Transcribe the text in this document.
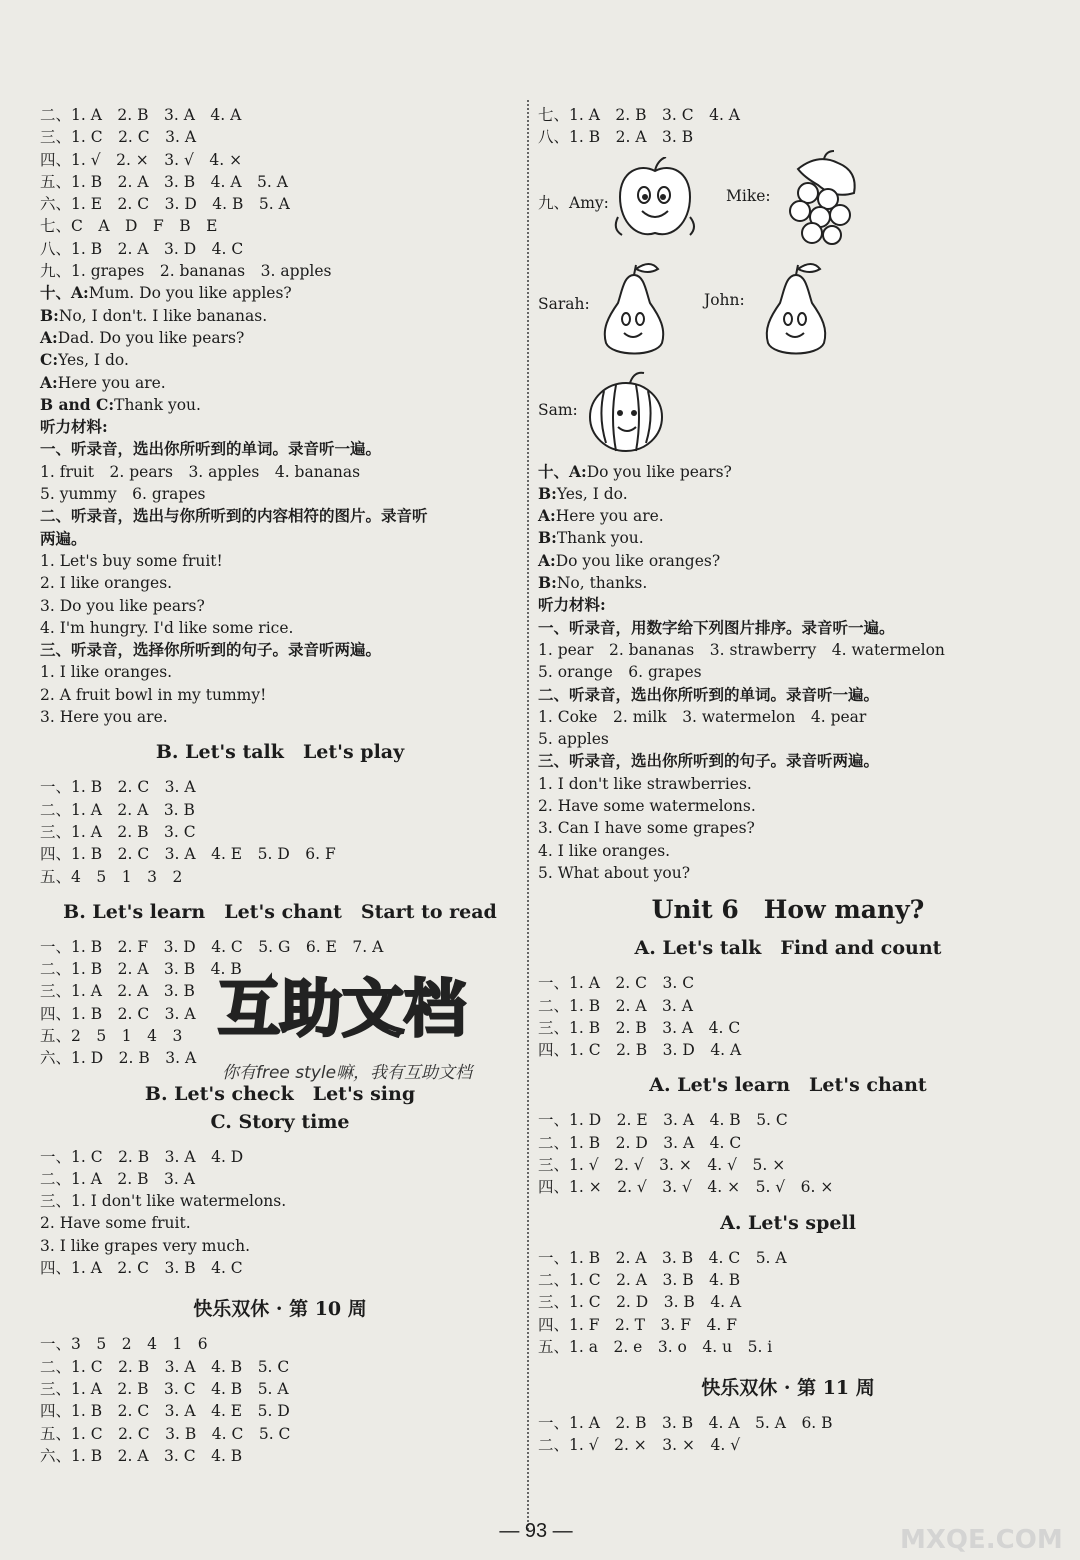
二、1. A　2. B　3. A　4. A
三、1. C　2. C　3. A
四、1. √　2. ×　3. √　4. ×
五、1. B　2. A　3. B　4. A　5. A
六、1. E　2. C　3. D　4. B　5. A
七、C　A　D　F　B　E
八、1. B　2. A　3. D　4. C
九、1. grapes　2. bananas　3. apples
十、A:Mum. Do you like apples?
B:No, I don't. I like bananas.
A:Dad. Do you like pears?
C:Yes, I do.
A:Here you are.
B and C:Thank you.
听力材料:
一、听录音，选出你所听到的单词。录音听一遍。
1. fruit　2. pears　3. apples　4. bananas
5. yummy　6. grapes
二、听录音，选出与你所听到的内容相符的图片。录音听
两遍。
1. Let's buy some fruit!
2. I like oranges.
3. Do you like pears?
4. I'm hungry. I'd like some rice.
三、听录音，选择你所听到的句子。录音听两遍。
1. I like oranges.
2. A fruit bowl in my tummy!
3. Here you are.
B. Let's talk　Let's play
一、1. B　2. C　3. A
二、1. A　2. A　3. B
三、1. A　2. B　3. C
四、1. B　2. C　3. A　4. E　5. D　6. F
五、4　5　1　3　2
B. Let's learn　Let's chant　Start to read
一、1. B　2. F　3. D　4. C　5. G　6. E　7. A
二、1. B　2. A　3. B　4. B
三、1. A　2. A　3. B
四、1. B　2. C　3. A
五、2　5　1　4　3
六、1. D　2. B　3. A
B. Let's check　Let's sing
C. Story time
一、1. C　2. B　3. A　4. D
二、1. A　2. B　3. A
三、1. I don't like watermelons.
2. Have some fruit.
3. I like grapes very much.
四、1. A　2. C　3. B　4. C
快乐双休 · 第 10 周
一、3　5　2　4　1　6
二、1. C　2. B　3. A　4. B　5. C
三、1. A　2. B　3. C　4. B　5. A
四、1. B　2. C　3. A　4. E　5. D
五、1. C　2. C　3. B　4. C　5. C
六、1. B　2. A　3. C　4. B
七、1. A　2. B　3. C　4. A
八、1. B　2. A　3. B
九、Amy:	Mike:
Sarah:	John:
Sam:
十、A:Do you like pears?
B:Yes, I do.
A:Here you are.
B:Thank you.
A:Do you like oranges?
B:No, thanks.
听力材料:
一、听录音，用数字给下列图片排序。录音听一遍。
1. pear　2. bananas　3. strawberry　4. watermelon
5. orange　6. grapes
二、听录音，选出你所听到的单词。录音听一遍。
1. Coke　2. milk　3. watermelon　4. pear
5. apples
三、听录音，选出你所听到的句子。录音听两遍。
1. I don't like strawberries.
2. Have some watermelons.
3. Can I have some grapes?
4. I like oranges.
5. What about you?
Unit 6　How many?
A. Let's talk　Find and count
一、1. A　2. C　3. C
二、1. B　2. A　3. A
三、1. B　2. B　3. A　4. C
四、1. C　2. B　3. D　4. A
A. Let's learn　Let's chant
一、1. D　2. E　3. A　4. B　5. C
二、1. B　2. D　3. A　4. C
三、1. √　2. √　3. ×　4. √　5. ×
四、1. ×　2. √　3. √　4. ×　5. √　6. ×
A. Let's spell
一、1. B　2. A　3. B　4. C　5. A
二、1. C　2. A　3. B　4. B
三、1. C　2. D　3. B　4. A
四、1. F　2. T　3. F　4. F
五、1. a　2. e　3. o　4. u　5. i
快乐双休 · 第 11 周
一、1. A　2. B　3. B　4. A　5. A　6. B
二、1. √　2. ×　3. ×　4. √
互助文档
你有free style嘛，我有互助文档
MXQE.COM
— 93 —
